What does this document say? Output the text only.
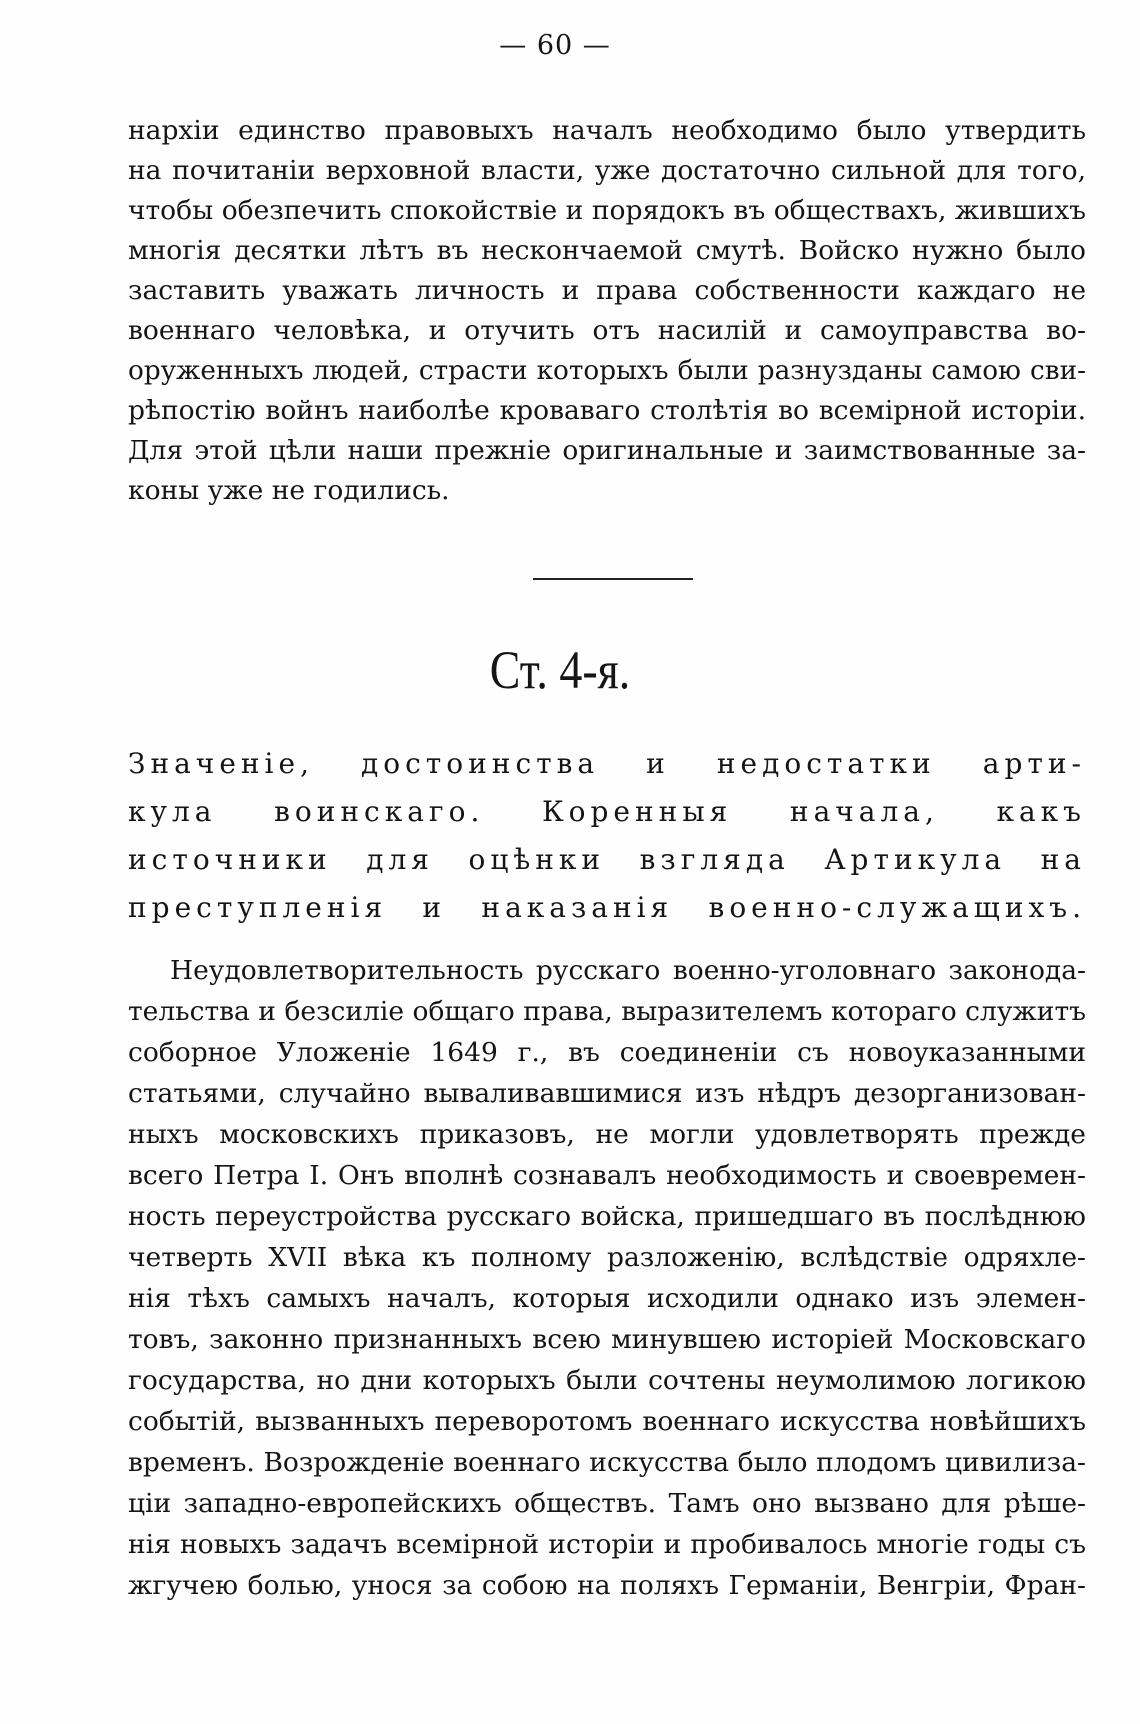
— 60 —
нархіи единство правовыхъ началъ необходимо было утвердить
на почитаніи верховной власти, уже достаточно сильной для того,
чтобы обезпечить спокойствіе и порядокъ въ обществахъ, жившихъ
многія десятки лѣтъ въ нескончаемой смутѣ. Войско нужно было
заставить уважать личность и права собственности каждаго не
военнаго человѣка, и отучить отъ насилій и самоуправства во-
оруженныхъ людей, страсти которыхъ были разнузданы самою сви-
рѣпостію войнъ наиболѣе кроваваго столѣтія во всемірной исторіи.
Для этой цѣли наши прежніе оригинальные и заимствованные за-
коны уже не годились.
Ст. 4-я.
Значеніе, достоинства и недостатки арти-
кула воинскаго. Коренныя начала, какъ
источники для оцѣнки взгляда Артикула на
преступленія и наказанія военно-служащихъ.
Неудовлетворительность русскаго военно-уголовнаго законода-
тельства и безсиліе общаго права, выразителемъ котораго служитъ
соборное Уложеніе 1649 г., въ соединеніи съ новоуказанными
статьями, случайно вываливавшимися изъ нѣдръ дезорганизован-
ныхъ московскихъ приказовъ, не могли удовлетворять прежде
всего Петра I. Онъ вполнѣ сознавалъ необходимость и своевремен-
ность переустройства русскаго войска, пришедшаго въ послѣднюю
четверть XVII вѣка къ полному разложенію, вслѣдствіе одряхле-
нія тѣхъ самыхъ началъ, которыя исходили однако изъ элемен-
товъ, законно признанныхъ всею минувшею исторіей Московскаго
государства, но дни которыхъ были сочтены неумолимою логикою
событій, вызванныхъ переворотомъ военнаго искусства новѣйшихъ
временъ. Возрожденіе военнаго искусства было плодомъ цивилиза-
ціи западно-европейскихъ обществъ. Тамъ оно вызвано для рѣше-
нія новыхъ задачъ всемірной исторіи и пробивалось многіе годы съ
жгучею болью, унося за собою на поляхъ Германіи, Венгріи, Фран-
